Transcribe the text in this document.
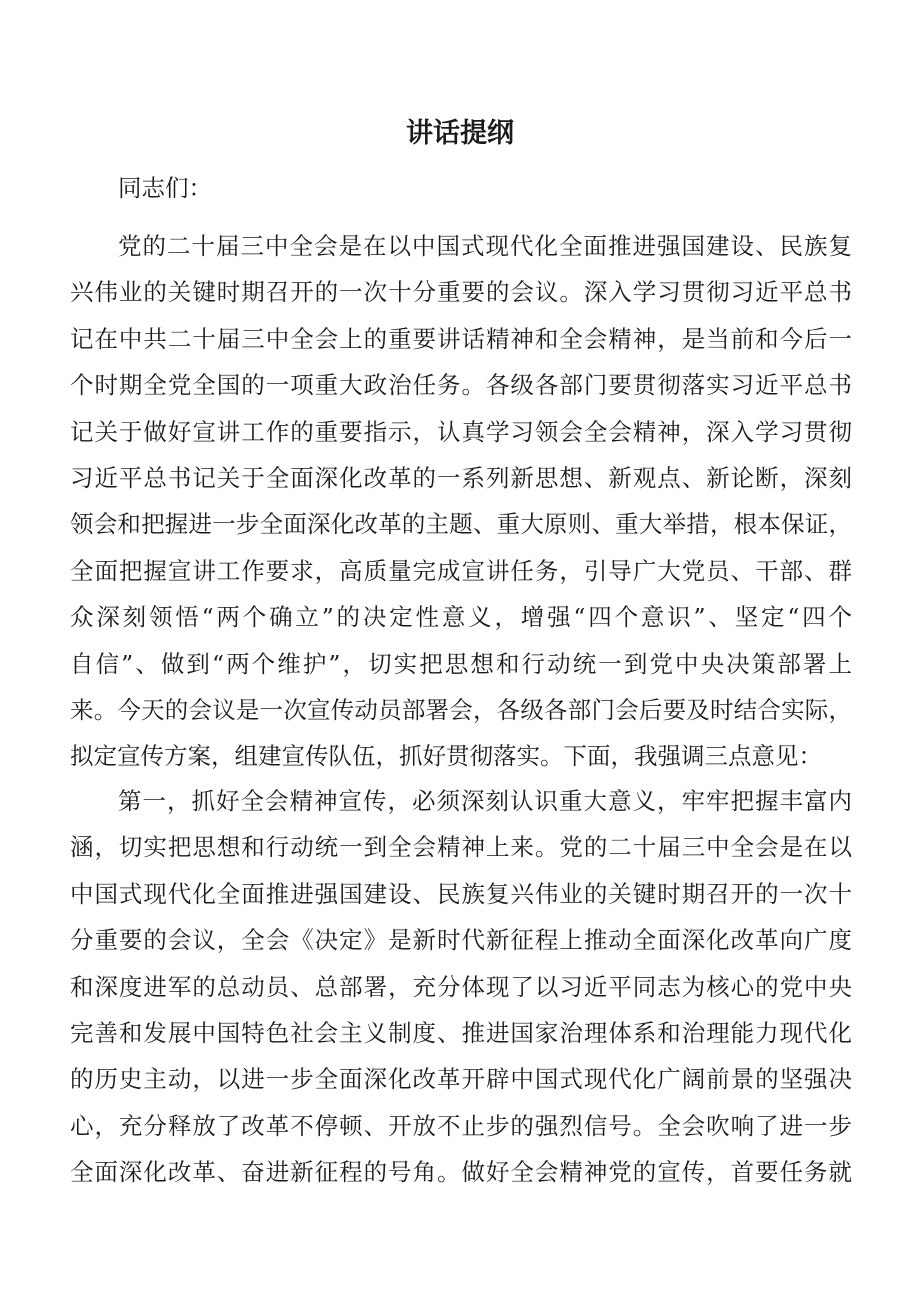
讲话提纲

同志们：

党的二十届三中全会是在以中国式现代化全面推进强国建设、民族复
兴伟业的关键时期召开的一次十分重要的会议。深入学习贯彻习近平总书
记在中共二十届三中全会上的重要讲话精神和全会精神，是当前和今后一
个时期全党全国的一项重大政治任务。各级各部门要贯彻落实习近平总书
记关于做好宣讲工作的重要指示，认真学习领会全会精神，深入学习贯彻
习近平总书记关于全面深化改革的一系列新思想、新观点、新论断，深刻
领会和把握进一步全面深化改革的主题、重大原则、重大举措，根本保证，
全面把握宣讲工作要求，高质量完成宣讲任务，引导广大党员、干部、群
众深刻领悟“两个确立”的决定性意义，增强“四个意识”、坚定“四个
自信”、做到“两个维护”，切实把思想和行动统一到党中央决策部署上
来。今天的会议是一次宣传动员部署会，各级各部门会后要及时结合实际，
拟定宣传方案，组建宣传队伍，抓好贯彻落实。下面，我强调三点意见：
第一，抓好全会精神宣传，必须深刻认识重大意义，牢牢把握丰富内
涵，切实把思想和行动统一到全会精神上来。党的二十届三中全会是在以
中国式现代化全面推进强国建设、民族复兴伟业的关键时期召开的一次十
分重要的会议，全会《决定》是新时代新征程上推动全面深化改革向广度
和深度进军的总动员、总部署，充分体现了以习近平同志为核心的党中央
完善和发展中国特色社会主义制度、推进国家治理体系和治理能力现代化
的历史主动，以进一步全面深化改革开辟中国式现代化广阔前景的坚强决
心，充分释放了改革不停顿、开放不止步的强烈信号。全会吹响了进一步
全面深化改革、奋进新征程的号角。做好全会精神党的宣传，首要任务就
